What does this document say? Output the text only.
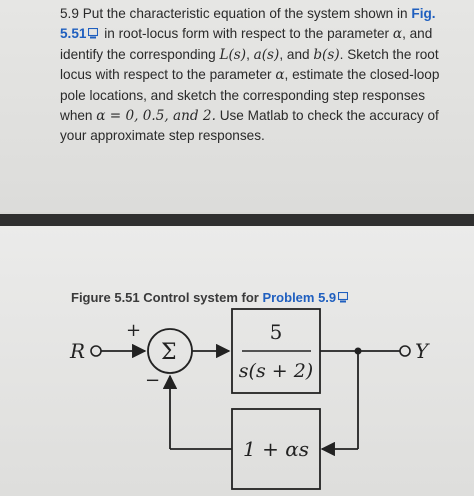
5.9 Put the characteristic equation of the system shown in Fig. 5.51 in root-locus form with respect to the parameter α, and identify the corresponding L(s), a(s), and b(s). Sketch the root locus with respect to the parameter α, estimate the closed-loop pole locations, and sketch the corresponding step responses when α = 0, 0.5, and 2. Use Matlab to check the accuracy of your approximate step responses.

Figure 5.51 Control system for Problem 5.9
R	Σ
+
−
5
s(s + 2)
Y
1 + αs
